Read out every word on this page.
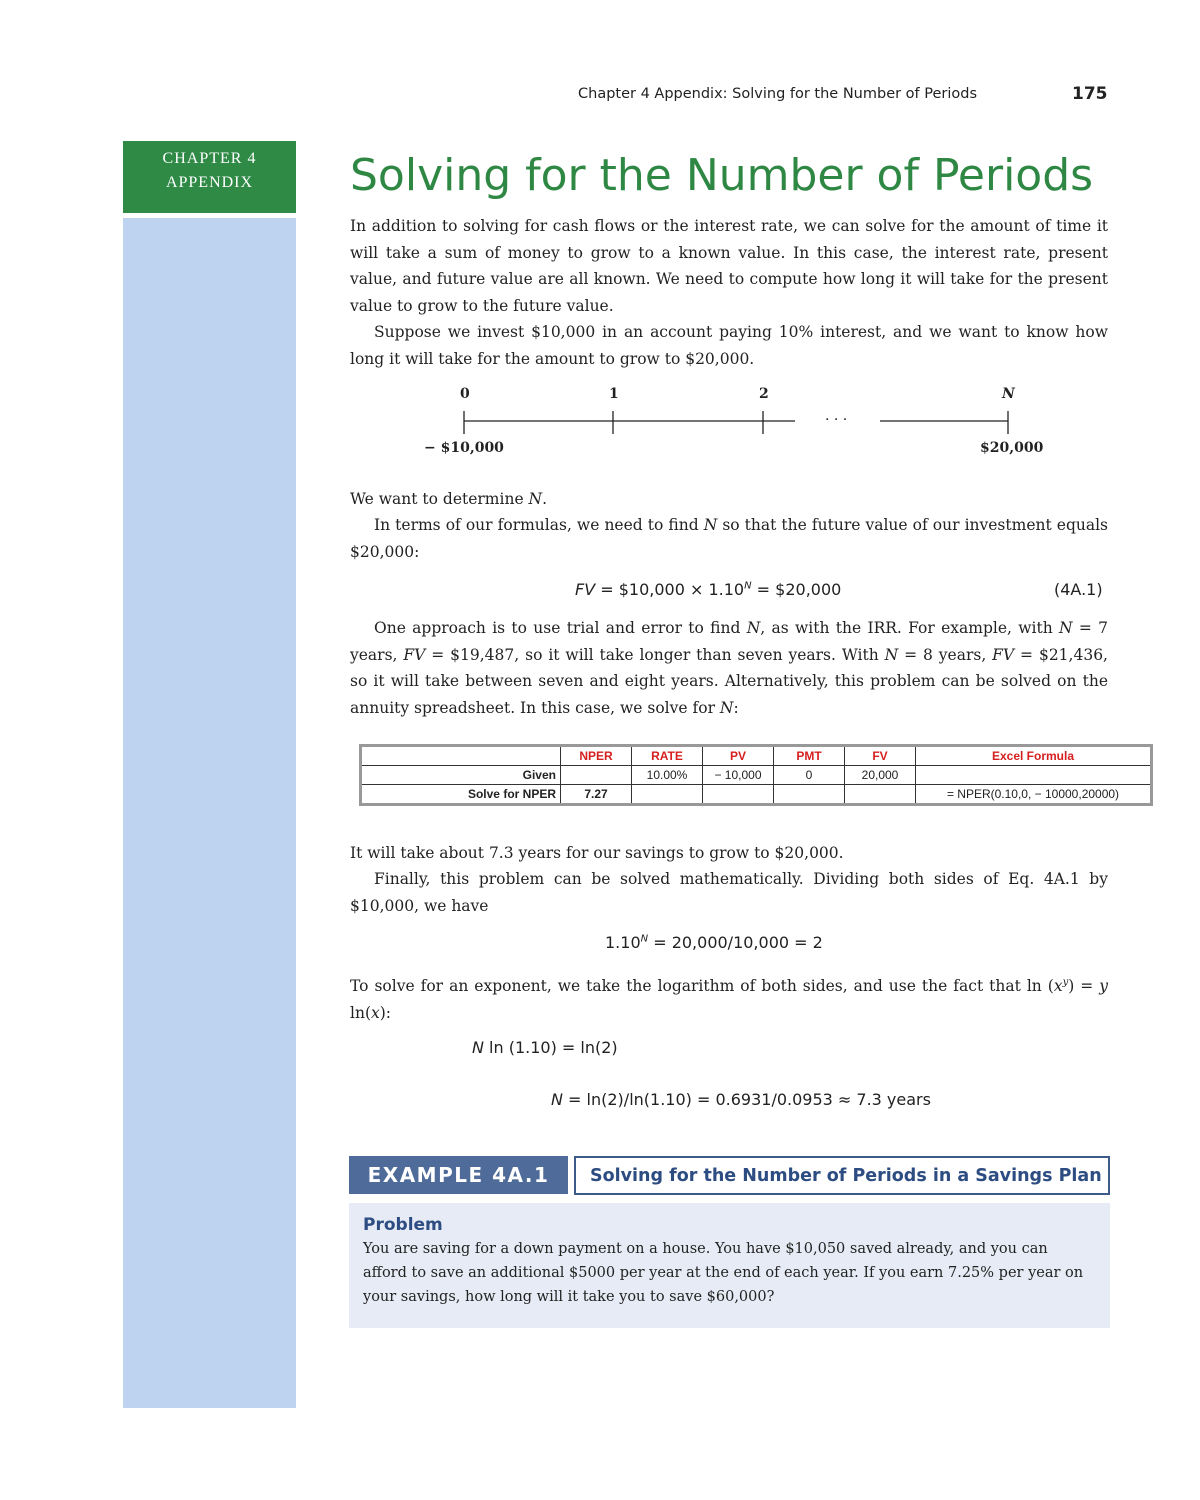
Chapter 4 Appendix: Solving for the Number of Periods	175
CHAPTER 4
APPENDIX	Solving for the Number of Periods
In addition to solving for cash flows or the interest rate, we can solve for the amount of time it will take a sum of money to grow to a known value. In this case, the interest rate, present value, and future value are all known. We need to compute how long it will take for the present value to grow to the future value.
Suppose we invest $10,000 in an account paying 10% interest, and we want to know how long it will take for the amount to grow to $20,000.
0	1	2	N
. . .
− $10,000	$20,000
We want to determine N.
In terms of our formulas, we need to find N so that the future value of our investment equals $20,000:
FV = $10,000 × $1.10^N$ = $20,000	(4A.1)
One approach is to use trial and error to find N, as with the IRR. For example, with N = 7 years, FV = $19,487, so it will take longer than seven years. With N = 8 years, FV = $21,436, so it will take between seven and eight years. Alternatively, this problem can be solved on the annuity spreadsheet. In this case, we solve for N:
	NPER	RATE	PV	PMT	FV	Excel Formula
Given		10.00%	− 10,000	0	20,000	
Solve for NPER	7.27					= NPER(0.10,0, − 10000,20000)
It will take about 7.3 years for our savings to grow to $20,000.
Finally, this problem can be solved mathematically. Dividing both sides of Eq. 4A.1 by $10,000, we have
$1.10^N = 20,000/10,000 = 2$
To solve for an exponent, we take the logarithm of both sides, and use the fact that $\ln (x^y) = y$ ln(x):
N ln (1.10) = ln(2)
N = ln(2)/ln(1.10) = 0.6931/0.0953 ≈ 7.3 years
EXAMPLE 4A.1	Solving for the Number of Periods in a Savings Plan
Problem
You are saving for a down payment on a house. You have $10,050 saved already, and you can afford to save an additional $5000 per year at the end of each year. If you earn 7.25% per year on your savings, how long will it take you to save $60,000?
